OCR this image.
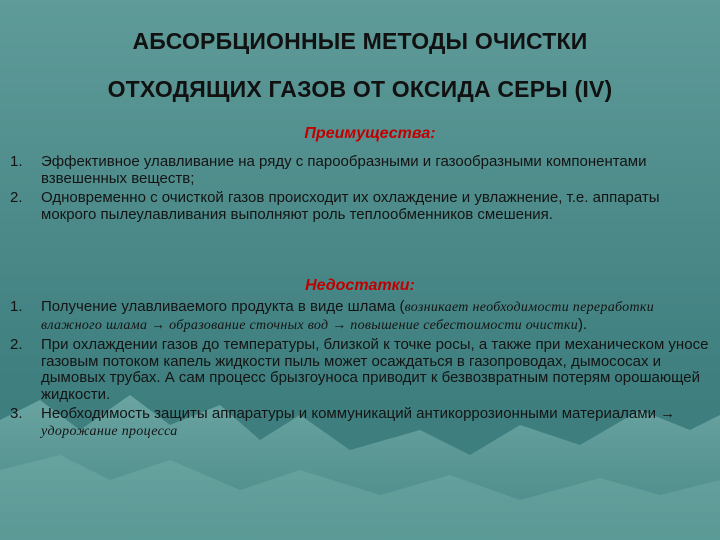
АБСОРБЦИОННЫЕ МЕТОДЫ ОЧИСТКИ
ОТХОДЯЩИХ ГАЗОВ ОТ ОКСИДА СЕРЫ (IV)
Преимущества:
1. Эффективное улавливание на ряду с парообразными и газообразными компонентами взвешенных веществ;
2. Одновременно с очисткой газов происходит их охлаждение и увлажнение, т.е. аппараты мокрого пылеулавливания выполняют роль теплообменников смешения.
Недостатки:
1. Получение улавливаемого продукта в виде шлама (возникает необходимости переработки влажного шлама → образование сточных вод → повышение себестоимости очистки).
2. При охлаждении газов до температуры, близкой к точке росы, а также при механическом уносе газовым потоком капель жидкости пыль может осаждаться в газопроводах, дымососах и дымовых трубах. А сам процесс брызгоуноса приводит к безвозвратным потерям орошающей жидкости.
3. Необходимость защиты аппаратуры и коммуникаций антикоррозионными материалами → удорожание процесса
